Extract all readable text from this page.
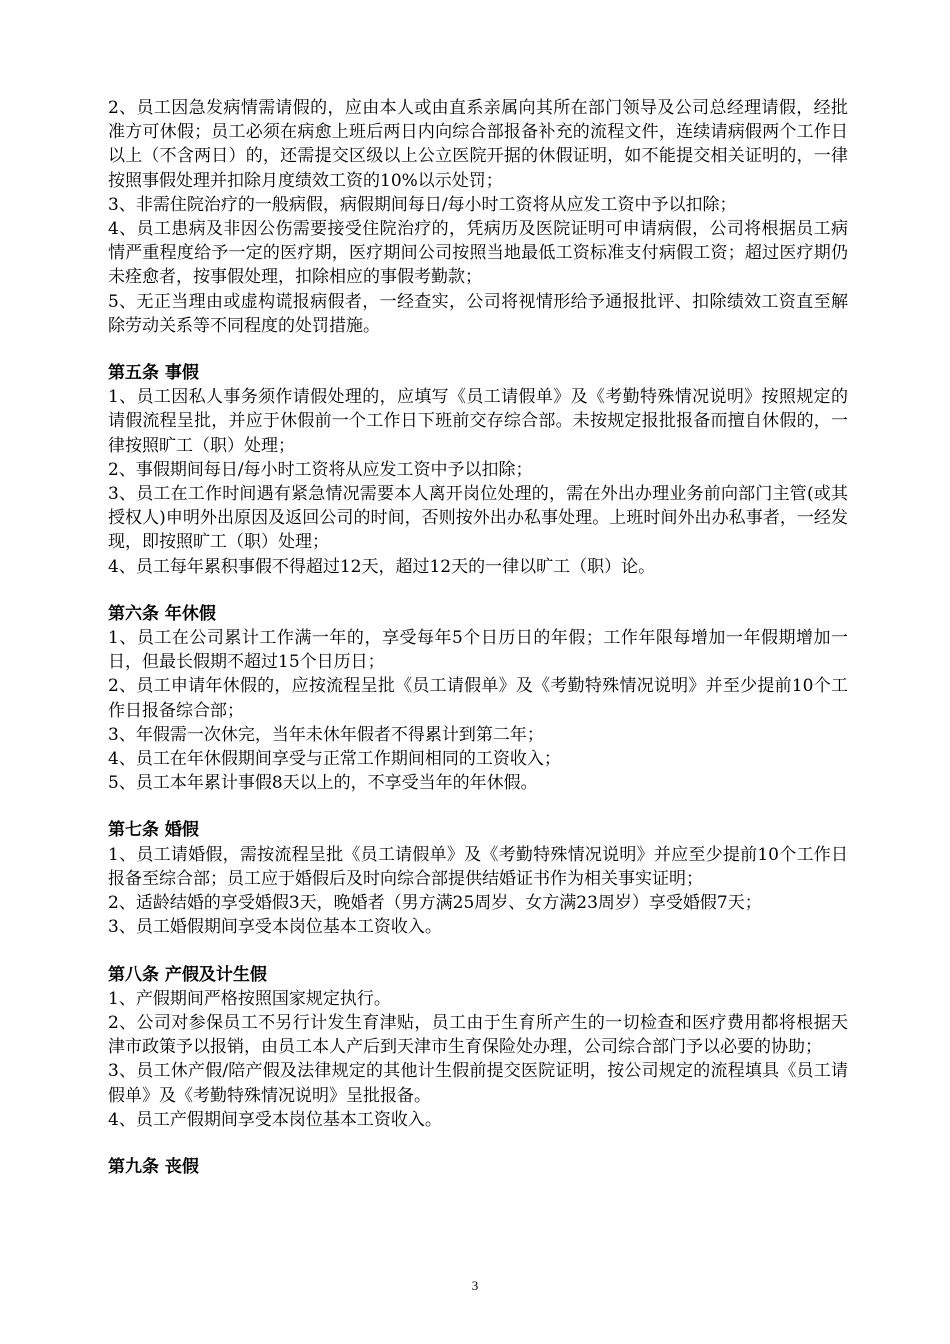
2、员工因急发病情需请假的，应由本人或由直系亲属向其所在部门领导及公司总经理请假，经批准方可休假；员工必须在病愈上班后两日内向综合部报备补充的流程文件，连续请病假两个工作日以上（不含两日）的，还需提交区级以上公立医院开据的休假证明，如不能提交相关证明的，一律按照事假处理并扣除月度绩效工资的10%以示处罚；

3、非需住院治疗的一般病假，病假期间每日/每小时工资将从应发工资中予以扣除；

4、员工患病及非因公伤需要接受住院治疗的，凭病历及医院证明可申请病假，公司将根据员工病情严重程度给予一定的医疗期，医疗期间公司按照当地最低工资标准支付病假工资；超过医疗期仍未痊愈者，按事假处理，扣除相应的事假考勤款；

5、无正当理由或虚构谎报病假者，一经查实，公司将视情形给予通报批评、扣除绩效工资直至解除劳动关系等不同程度的处罚措施。

第五条 事假

1、员工因私人事务须作请假处理的，应填写《员工请假单》及《考勤特殊情况说明》按照规定的请假流程呈批，并应于休假前一个工作日下班前交存综合部。未按规定报批报备而擅自休假的，一律按照旷工（职）处理；

2、事假期间每日/每小时工资将从应发工资中予以扣除；

3、员工在工作时间遇有紧急情况需要本人离开岗位处理的，需在外出办理业务前向部门主管(或其授权人)申明外出原因及返回公司的时间，否则按外出办私事处理。上班时间外出办私事者，一经发现，即按照旷工（职）处理；

4、员工每年累积事假不得超过12天，超过12天的一律以旷工（职）论。

第六条 年休假

1、员工在公司累计工作满一年的，享受每年5个日历日的年假；工作年限每增加一年假期增加一日，但最长假期不超过15个日历日；

2、员工申请年休假的，应按流程呈批《员工请假单》及《考勤特殊情况说明》并至少提前10个工作日报备综合部；

3、年假需一次休完，当年未休年假者不得累计到第二年；

4、员工在年休假期间享受与正常工作期间相同的工资收入；

5、员工本年累计事假8天以上的，不享受当年的年休假。

第七条 婚假

1、员工请婚假，需按流程呈批《员工请假单》及《考勤特殊情况说明》并应至少提前10个工作日报备至综合部；员工应于婚假后及时向综合部提供结婚证书作为相关事实证明；

2、适龄结婚的享受婚假3天，晚婚者（男方满25周岁、女方满23周岁）享受婚假7天；

3、员工婚假期间享受本岗位基本工资收入。

第八条 产假及计生假

1、产假期间严格按照国家规定执行。

2、公司对参保员工不另行计发生育津贴，员工由于生育所产生的一切检查和医疗费用都将根据天津市政策予以报销，由员工本人产后到天津市生育保险处办理，公司综合部门予以必要的协助；

3、员工休产假/陪产假及法律规定的其他计生假前提交医院证明，按公司规定的流程填具《员工请假单》及《考勤特殊情况说明》呈批报备。

4、员工产假期间享受本岗位基本工资收入。

第九条 丧假
3
